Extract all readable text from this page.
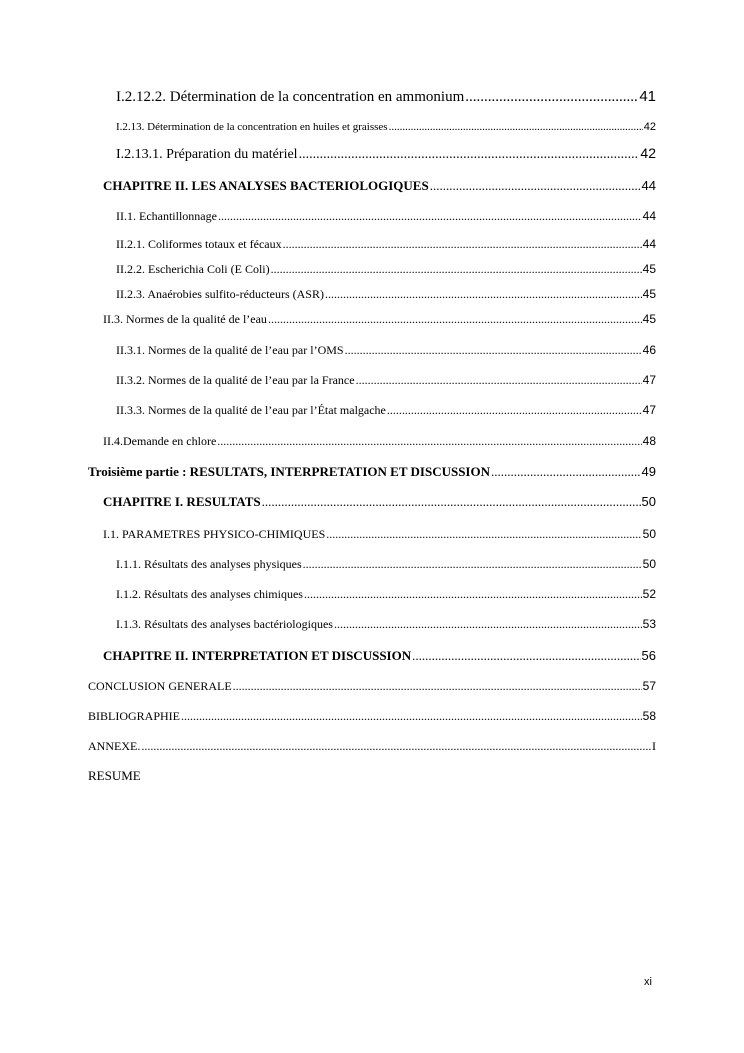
I.2.12.2. Détermination de la concentration en ammonium .....	41
I.2.13. Détermination de la concentration en huiles et graisses .....	42
I.2.13.1. Préparation du matériel .....	42
CHAPITRE II. LES ANALYSES BACTERIOLOGIQUES .....	44
II.1. Echantillonnage .....	44
II.2.1. Coliformes totaux et fécaux .....	44
II.2.2. Escherichia Coli (E Coli) .....	45
II.2.3. Anaérobies sulfito-réducteurs (ASR) .....	45
II.3. Normes de la qualité de l’eau .....	45
II.3.1. Normes de la qualité de l’eau par l’OMS .....	46
II.3.2. Normes de la qualité de l’eau par la France .....	47
II.3.3. Normes de la qualité de l’eau par l’État malgache .....	47
II.4.Demande en chlore .....	48
Troisième partie : RESULTATS, INTERPRETATION ET DISCUSSION .....	49
CHAPITRE I. RESULTATS .....	50
I.1. PARAMETRES PHYSICO-CHIMIQUES .....	50
I.1.1. Résultats des analyses physiques .....	50
I.1.2. Résultats des analyses chimiques .....	52
I.1.3. Résultats des analyses bactériologiques .....	53
CHAPITRE II. INTERPRETATION ET DISCUSSION .....	56
CONCLUSION GENERALE .....	57
BIBLIOGRAPHIE .....	58
ANNEXE. .....	I
RESUME
xi
